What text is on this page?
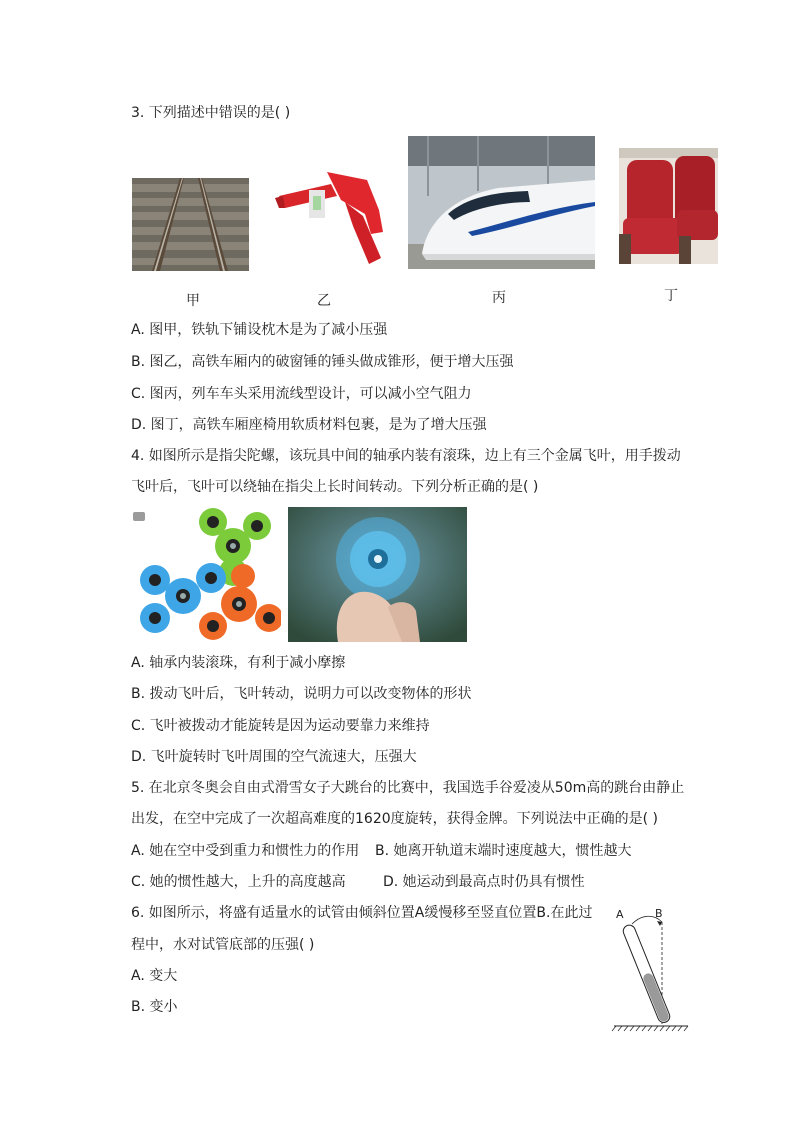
3. 下列描述中错误的是( )
甲	乙	丙	丁
A. 图甲，铁轨下铺设枕木是为了减小压强
B. 图乙，高铁车厢内的破窗锤的锤头做成锥形，便于增大压强
C. 图丙，列车车头采用流线型设计，可以减小空气阻力
D. 图丁，高铁车厢座椅用软质材料包裹，是为了增大压强
4. 如图所示是指尖陀螺，该玩具中间的轴承内装有滚珠，边上有三个金属飞叶，用手拨动
飞叶后，飞叶可以绕轴在指尖上长时间转动。下列分析正确的是( )
A. 轴承内装滚珠，有利于减小摩擦
B. 拨动飞叶后，飞叶转动，说明力可以改变物体的形状
C. 飞叶被拨动才能旋转是因为运动要靠力来维持
D. 飞叶旋转时飞叶周围的空气流速大，压强大
5. 在北京冬奥会自由式滑雪女子大跳台的比赛中，我国选手谷爱凌从50m高的跳台由静止
出发，在空中完成了一次超高难度的1620度旋转，获得金牌。下列说法中正确的是( )
A. 她在空中受到重力和惯性力的作用 B. 她离开轨道末端时速度越大，惯性越大
C. 她的惯性越大，上升的高度越高	D. 她运动到最高点时仍具有惯性
6. 如图所示，将盛有适量水的试管由倾斜位置A缓慢移至竖直位置B.在此过
程中，水对试管底部的压强( )
A. 变大
B. 变小
A	B
